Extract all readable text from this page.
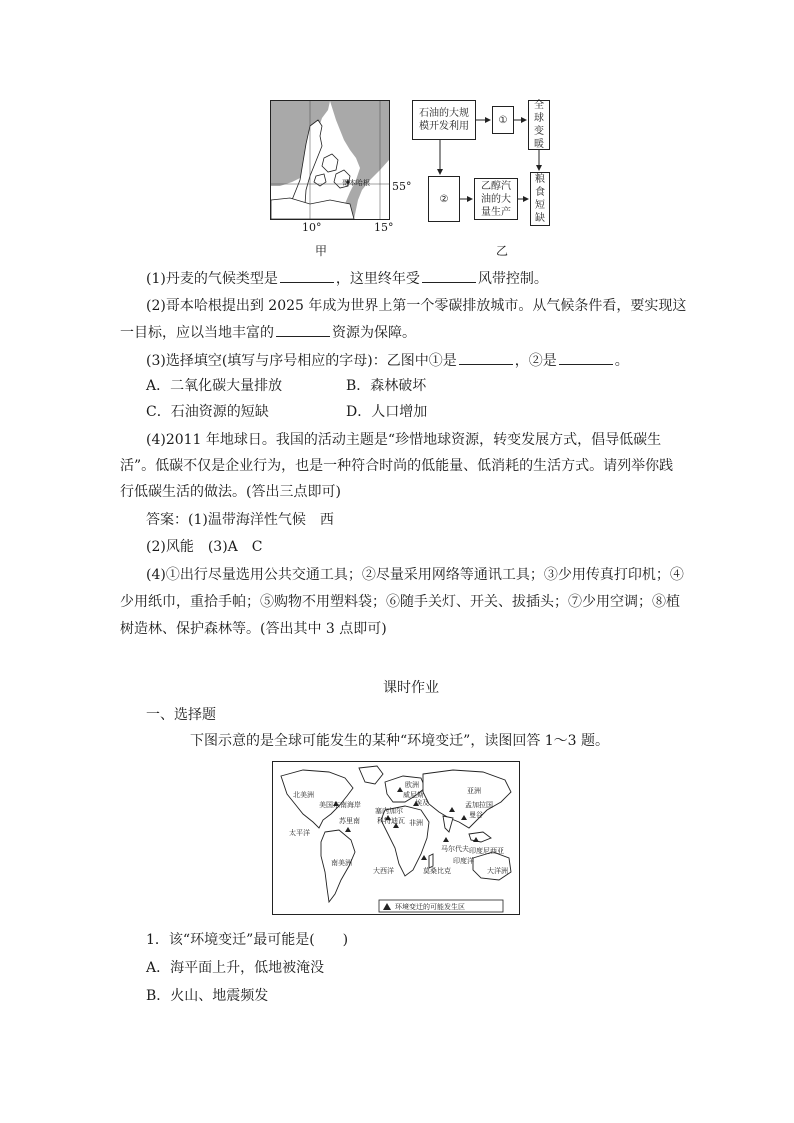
哥本哈根 55°
10°	15°
甲
石油的大规模开发利用
①
全球变暖
②
乙醇汽油的大量生产
粮食短缺
乙
(1)丹麦的气候类型是	，这里终年受	风带控制。
(2)哥本哈根提出到 2025 年成为世界上第一个零碳排放城市。从气候条件看，要实现这
一目标，应以当地丰富的	资源为保障。
(3)选择填空(填写与序号相应的字母)：乙图中①是	，②是	。
A．二氧化碳大量排放	B．森林破坏
C．石油资源的短缺	D．人口增加
(4)2011 年地球日。我国的活动主题是“珍惜地球资源，转变发展方式，倡导低碳生
活”。低碳不仅是企业行为，也是一种符合时尚的低能量、低消耗的生活方式。请列举你践
行低碳生活的做法。(答出三点即可)
答案：(1)温带海洋性气候　西
(2)风能　(3)A　C
(4)①出行尽量选用公共交通工具；②尽量采用网络等通讯工具；③少用传真打印机；④
少用纸巾，重拾手帕；⑤购物不用塑料袋；⑥随手关灯、开关、拔插头；⑦少用空调；⑧植
树造林、保护森林等。(答出其中 3 点即可)
课时作业
一、选择题
下图示意的是全球可能发生的某种“环境变迁”，读图回答 1～3 题。
北美洲
美国东南海岸
太平洋
苏里南
南美洲
大西洋
欧洲
威尼斯
埃及
亚洲
孟加拉国
曼谷
塞内加尔
科特迪瓦 非洲
马尔代夫 印度尼西亚
印度洋
莫桑比克	大洋洲
环境变迁的可能发生区
1．该“环境变迁”最可能是(　　)
A．海平面上升，低地被淹没
B．火山、地震频发
